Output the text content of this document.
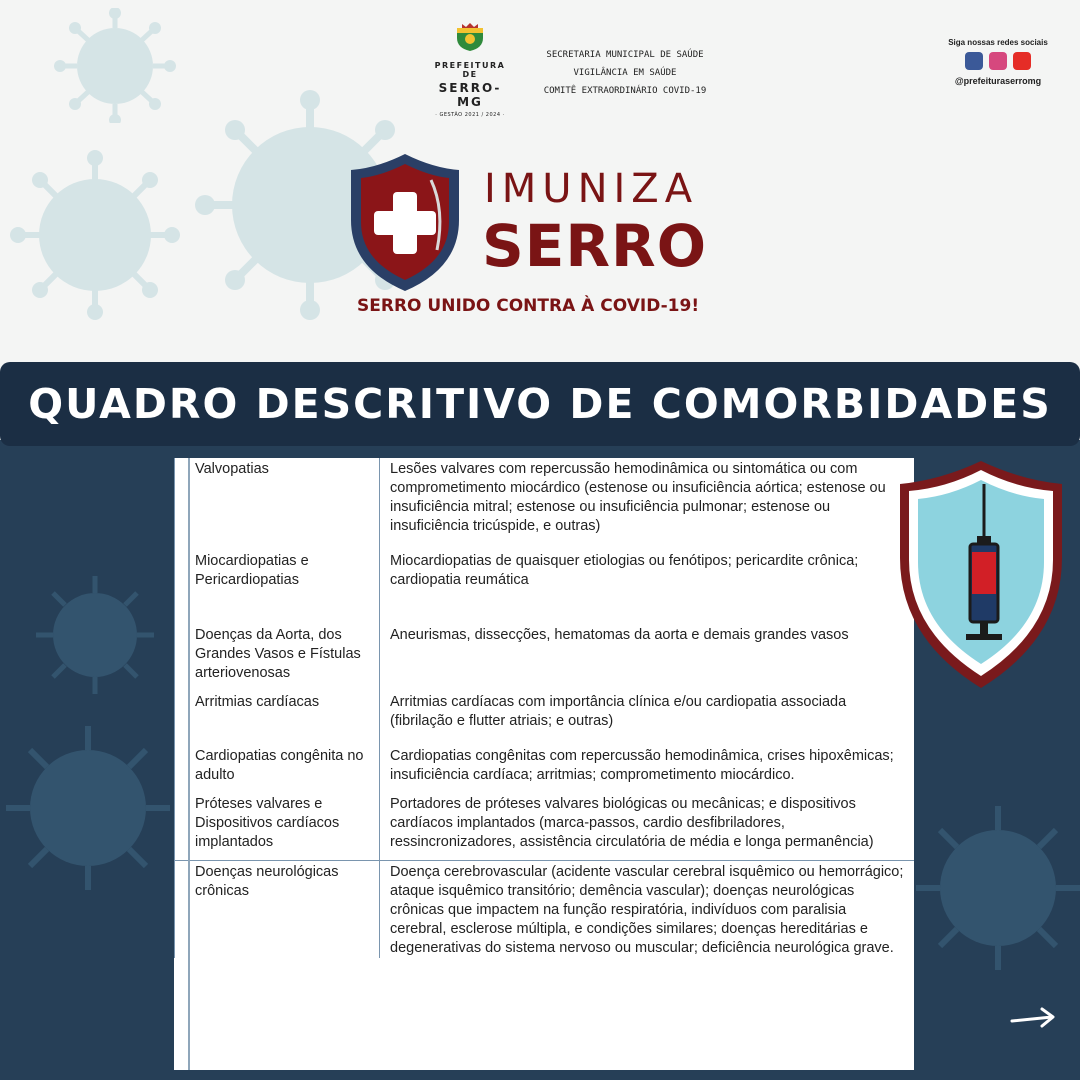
PREFEITURA DE
SERRO-MG
· GESTÃO 2021 / 2024 ·
SECRETARIA MUNICIPAL DE SAÚDE
VIGILÂNCIA EM SAÚDE
COMITÊ EXTRAORDINÁRIO COVID-19
Siga nossas redes sociais
@prefeituraserromg
IMUNIZA
SERRO
SERRO UNIDO CONTRA À COVID-19!
QUADRO DESCRITIVO DE COMORBIDADES
Valvopatias	Lesões valvares com repercussão hemodinâmica ou sintomática ou com comprometimento miocárdico (estenose ou insuficiência aórtica; estenose ou insuficiência mitral; estenose ou insuficiência pulmonar; estenose ou insuficiência tricúspide, e outras)
Miocardiopatias e Pericardiopatias	Miocardiopatias de quaisquer etiologias ou fenótipos; pericardite crônica; cardiopatia reumática
Doenças da Aorta, dos Grandes Vasos e Fístulas arteriovenosas	Aneurismas, dissecções, hematomas da aorta e demais grandes vasos
Arritmias cardíacas	Arritmias cardíacas com importância clínica e/ou cardiopatia associada (fibrilação e flutter atriais; e outras)
Cardiopatias congênita no adulto	Cardiopatias congênitas com repercussão hemodinâmica, crises hipoxêmicas; insuficiência cardíaca; arritmias; comprometimento miocárdico.
Próteses valvares e Dispositivos cardíacos implantados	Portadores de próteses valvares biológicas ou mecânicas; e dispositivos cardíacos implantados (marca-passos, cardio desfibriladores, ressincronizadores, assistência circulatória de média e longa permanência)
Doenças neurológicas crônicas	Doença cerebrovascular (acidente vascular cerebral isquêmico ou hemorrágico; ataque isquêmico transitório; demência vascular); doenças neurológicas crônicas que impactem na função respiratória, indivíduos com paralisia cerebral, esclerose múltipla, e condições similares; doenças hereditárias e degenerativas do sistema nervoso ou muscular; deficiência neurológica grave.
